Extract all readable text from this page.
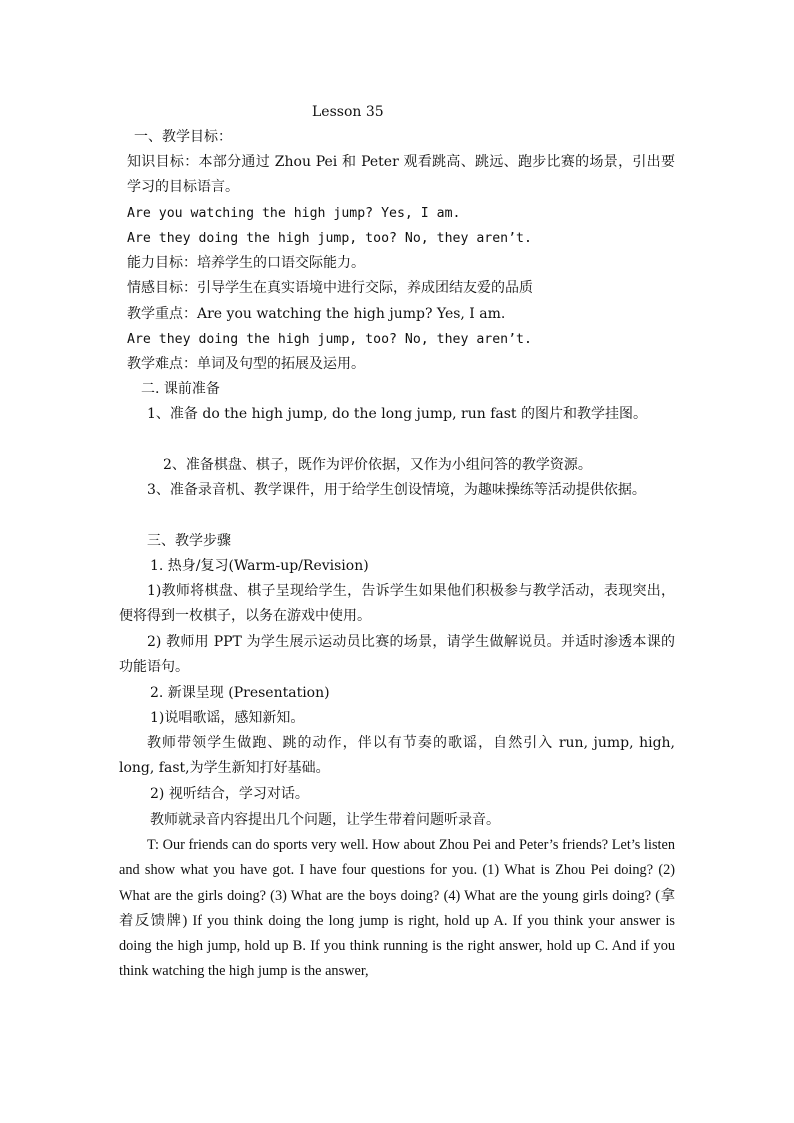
Lesson 35
一、教学目标：

知识目标：本部分通过 Zhou Pei 和 Peter 观看跳高、跳远、跑步比赛的场景，引出要学习的目标语言。

Are you watching the high jump? Yes, I am.
Are they doing the high jump, too? No, they aren’t.
能力目标：培养学生的口语交际能力。
情感目标：引导学生在真实语境中进行交际，养成团结友爱的品质
教学重点：Are you watching the high jump? Yes, I am.
Are they doing the high jump, too? No, they aren’t.
教学难点：单词及句型的拓展及运用。
二. 课前准备

1、准备 do the high jump, do the long jump, run fast 的图片和教学挂图。

2、准备棋盘、棋子，既作为评价依据，又作为小组问答的教学资源。

3、准备录音机、教学课件，用于给学生创设情境，为趣味操练等活动提供依据。

三、教学步骤
1. 热身/复习(Warm-up/Revision)

1)教师将棋盘、棋子呈现给学生，告诉学生如果他们积极参与教学活动，表现突出，便将得到一枚棋子，以务在游戏中使用。

2) 教师用 PPT 为学生展示运动员比赛的场景，请学生做解说员。并适时渗透本课的功能语句。

2. 新课呈现 (Presentation)
1)说唱歌谣，感知新知。

教师带领学生做跑、跳的动作，伴以有节奏的歌谣，自然引入 run, jump, high, long, fast,为学生新知打好基础。

2) 视听结合，学习对话。
教师就录音内容提出几个问题，让学生带着问题听录音。

T: Our friends can do sports very well. How about Zhou Pei and Peter’s friends? Let’s listen and show what you have got. I have four questions for you. (1) What is Zhou Pei doing? (2) What are the girls doing? (3) What are the boys doing? (4) What are the young girls doing? (拿着反馈牌) If you think doing the long jump is right, hold up A. If you think your answer is doing the high jump, hold up B. If you think running is the right answer, hold up C. And if you think watching the high jump is the answer,
